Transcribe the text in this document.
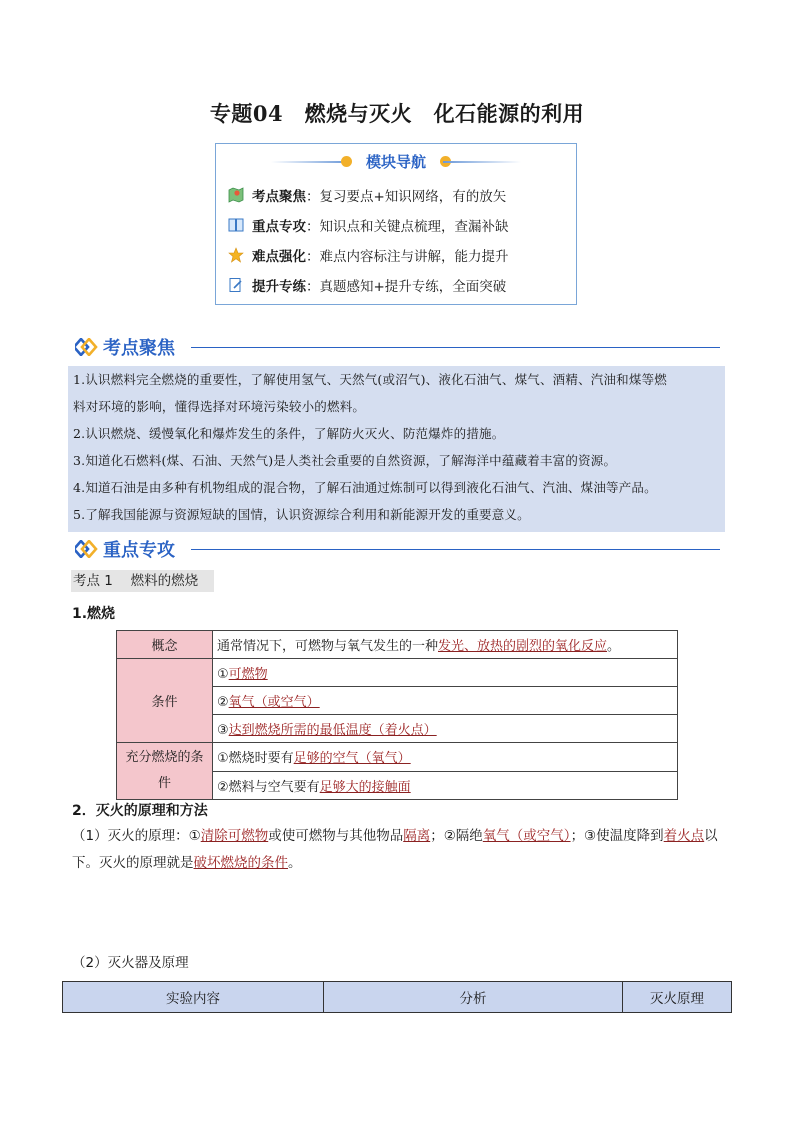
专题04　燃烧与灭火　化石能源的利用
模块导航
考点聚焦 ：复习要点+知识网络，有的放矢
重点专攻 ：知识点和关键点梳理，查漏补缺
难点强化 ：难点内容标注与讲解，能力提升
提升专练 ：真题感知+提升专练，全面突破
考点聚焦

1.认识燃料完全燃烧的重要性，了解使用氢气、天然气(或沼气)、液化石油气、煤气、酒精、汽油和煤等燃

料对环境的影响，懂得选择对环境污染较小的燃料。

2.认识燃烧、缓慢氧化和爆炸发生的条件，了解防火灭火、防范爆炸的措施。

3.知道化石燃料(煤、石油、天然气)是人类社会重要的自然资源，了解海洋中蕴藏着丰富的资源。

4.知道石油是由多种有机物组成的混合物，了解石油通过炼制可以得到液化石油气、汽油、煤油等产品。

5.了解我国能源与资源短缺的国情，认识资源综合利用和新能源开发的重要意义。

重点专攻
考点 1　 燃料的燃烧
1.燃烧
概念	通常情况下，可燃物与氧气发生的一种发光、放热的剧烈的氧化反应。
条件	①可燃物
	②氧气（或空气）
	③达到燃烧所需的最低温度（着火点）
充分燃烧的条件	①燃烧时要有足够的空气（氧气）
	②燃料与空气要有足够大的接触面
2．灭火的原理和方法
（1）灭火的原理：①清除可燃物或使可燃物与其他物品隔离；②隔绝氧气（或空气）；③使温度降到着火点以下。灭火的原理就是破坏燃烧的条件。
（2）灭火器及原理
实验内容	分析	灭火原理
